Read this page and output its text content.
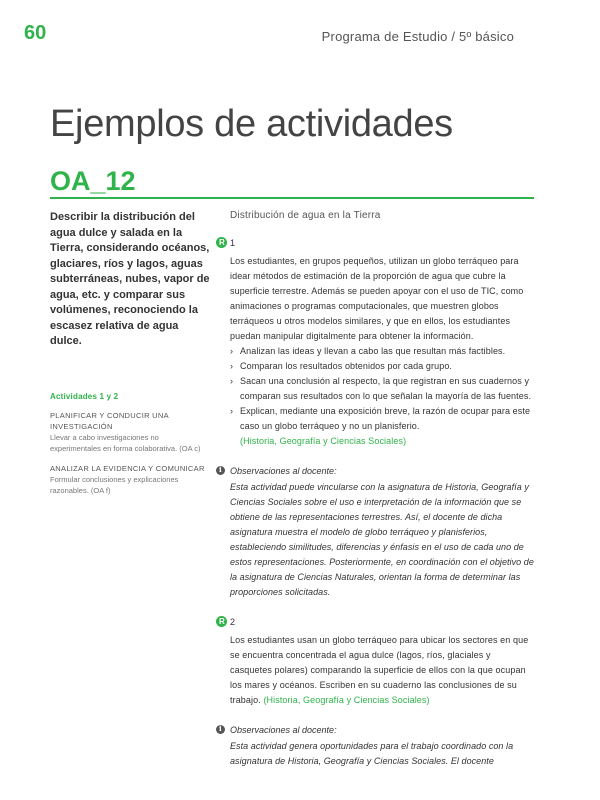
60	Programa de Estudio / 5º básico
Ejemplos de actividades
OA_12

Describir la distribución del agua dulce y salada en la Tierra, considerando océanos, glaciares, ríos y lagos, aguas subterráneas, nubes, vapor de agua, etc. y comparar sus volúmenes, reconociendo la escasez relativa de agua dulce.

Actividades 1 y 2
PLANIFICAR Y CONDUCIR UNA INVESTIGACIÓN
Llevar a cabo investigaciones no experimentales en forma colaborativa. (OA c)
ANALIZAR LA EVIDENCIA Y COMUNICAR
Formular conclusiones y explicaciones razonables. (OA f)

Distribución de agua en la Tierra

R
1

Los estudiantes, en grupos pequeños, utilizan un globo terráqueo para idear métodos de estimación de la proporción de agua que cubre la superficie terrestre. Además se pueden apoyar con el uso de TIC, como animaciones o programas computacionales, que muestren globos terráqueos u otros modelos similares, y que en ellos, los estudiantes puedan manipular digitalmente para obtener la información.

› Analizan las ideas y llevan a cabo las que resultan más factibles.
› Comparan los resultados obtenidos por cada grupo.
› Sacan una conclusión al respecto, la que registran en sus cuadernos y comparan sus resultados con lo que señalan la mayoría de las fuentes.
› Explican, mediante una exposición breve, la razón de ocupar para este caso un globo terráqueo y no un planisferio.
(Historia, Geografía y Ciencias Sociales)
i
Observaciones al docente:

Esta actividad puede vincularse con la asignatura de Historia, Geografía y Ciencias Sociales sobre el uso e interpretación de la información que se obtiene de las representaciones terrestres. Así, el docente de dicha asignatura muestra el modelo de globo terráqueo y planisferios, estableciendo similitudes, diferencias y énfasis en el uso de cada uno de estos representaciones. Posteriormente, en coordinación con el objetivo de la asignatura de Ciencias Naturales, orientan la forma de determinar las proporciones solicitadas.

R
2

Los estudiantes usan un globo terráqueo para ubicar los sectores en que se encuentra concentrada el agua dulce (lagos, ríos, glaciales y casquetes polares) comparando la superficie de ellos con la que ocupan los mares y océanos. Escriben en su cuaderno las conclusiones de su trabajo. (Historia, Geografía y Ciencias Sociales)

i
Observaciones al docente:

Esta actividad genera oportunidades para el trabajo coordinado con la asignatura de Historia, Geografía y Ciencias Sociales. El docente
